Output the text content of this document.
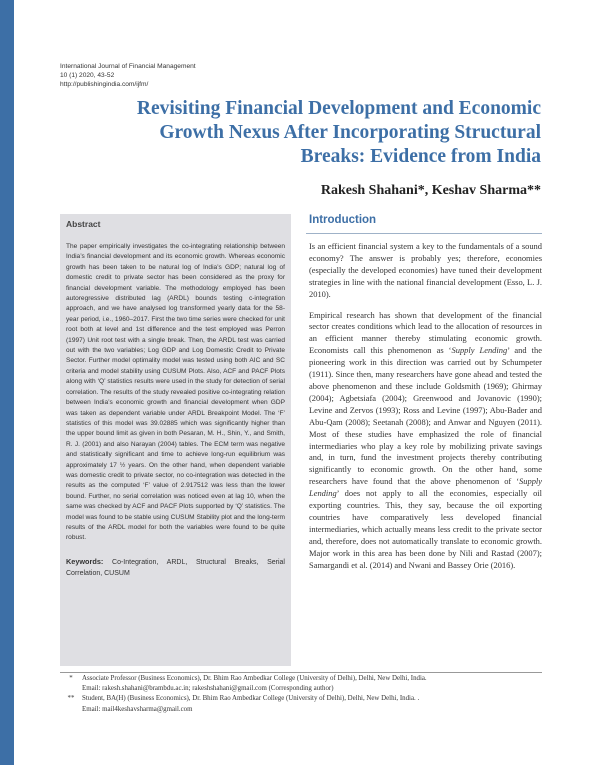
International Journal of Financial Management
10 (1) 2020, 43-52
http://publishingindia.com/ijfm/
Revisiting Financial Development and Economic
Growth Nexus After Incorporating Structural
Breaks: Evidence from India
Rakesh Shahani*, Keshav Sharma**
Abstract

The paper empirically investigates the co-integrating relationship between India’s financial development and its economic growth. Whereas economic growth has been taken to be natural log of India’s GDP; natural log of domestic credit to private sector has been considered as the proxy for financial development variable. The methodology employed has been autoregressive distributed lag (ARDL) bounds testing c-integration approach, and we have analysed log transformed yearly data for the 58-year period, i.e., 1960–2017. First the two time series were checked for unit root both at level and 1st difference and the test employed was Perron (1997) Unit root test with a single break. Then, the ARDL test was carried out with the two variables; Log GDP and Log Domestic Credit to Private Sector. Further model optimality model was tested using both AIC and SC criteria and model stability using CUSUM Plots. Also, ACF and PACF Plots along with ‘Q’ statistics results were used in the study for detection of serial correlation. The results of the study revealed positive co-integrating relation between India’s economic growth and financial development when GDP was taken as dependent variable under ARDL Breakpoint Model. The ‘F’ statistics of this model was 39.02885 which was significantly higher than the upper bound limit as given in both Pesaran, M. H., Shin, Y., and Smith, R. J. (2001) and also Narayan (2004) tables. The ECM term was negative and statistically significant and time to achieve long-run equilibrium was approximately 17 ½ years. On the other hand, when dependent variable was domestic credit to private sector, no co-integration was detected in the results as the computed ‘F’ value of 2.917512 was less than the lower bound. Further, no serial correlation was noticed even at lag 10, when the same was checked by ACF and PACF Plots supported by ‘Q’ statistics. The model was found to be stable using CUSUM Stability plot and the long-term results of the ARDL model for both the variables were found to be quite robust.

Keywords: Co-Integration, ARDL, Structural Breaks, Serial Correlation, CUSUM
Introduction

Is an efficient financial system a key to the fundamentals of a sound economy? The answer is probably yes; therefore, economies (especially the developed economies) have tuned their development strategies in line with the national financial development (Esso, L. J. 2010).

Empirical research has shown that development of the financial sector creates conditions which lead to the allocation of resources in an efficient manner thereby stimulating economic growth. Economists call this phenomenon as ‘Supply Lending’ and the pioneering work in this direction was carried out by Schumpeter (1911). Since then, many researchers have gone ahead and tested the above phenomenon and these include Goldsmith (1969); Ghirmay (2004); Agbetsiafa (2004); Greenwood and Jovanovic (1990); Levine and Zervos (1993); Ross and Levine (1997); Abu-Bader and Abu-Qam (2008); Seetanah (2008); and Anwar and Nguyen (2011). Most of these studies have emphasized the role of financial intermediaries who play a key role by mobilizing private savings and, in turn, fund the investment projects thereby contributing significantly to economic growth. On the other hand, some researchers have found that the above phenomenon of ‘Supply Lending’ does not apply to all the economies, especially oil exporting countries. This, they say, because the oil exporting countries have comparatively less developed financial intermediaries, which actually means less credit to the private sector and, therefore, does not automatically translate to economic growth. Major work in this area has been done by Nili and Rastad (2007); Samargandi et al. (2014) and Nwani and Bassey Orie (2016).

*	Associate Professor (Business Economics), Dr. Bhim Rao Ambedkar College (University of Delhi), Delhi, New Delhi, India.
Email: rakesh.shahani@brambdu.ac.in; rakeshshahani@gmail.com (Corresponding author)
**	Student, BA(H) (Business Economics), Dr. Bhim Rao Ambedkar College (University of Delhi), Delhi, New Delhi, India. .
Email: mail4keshavsharma@gmail.com
